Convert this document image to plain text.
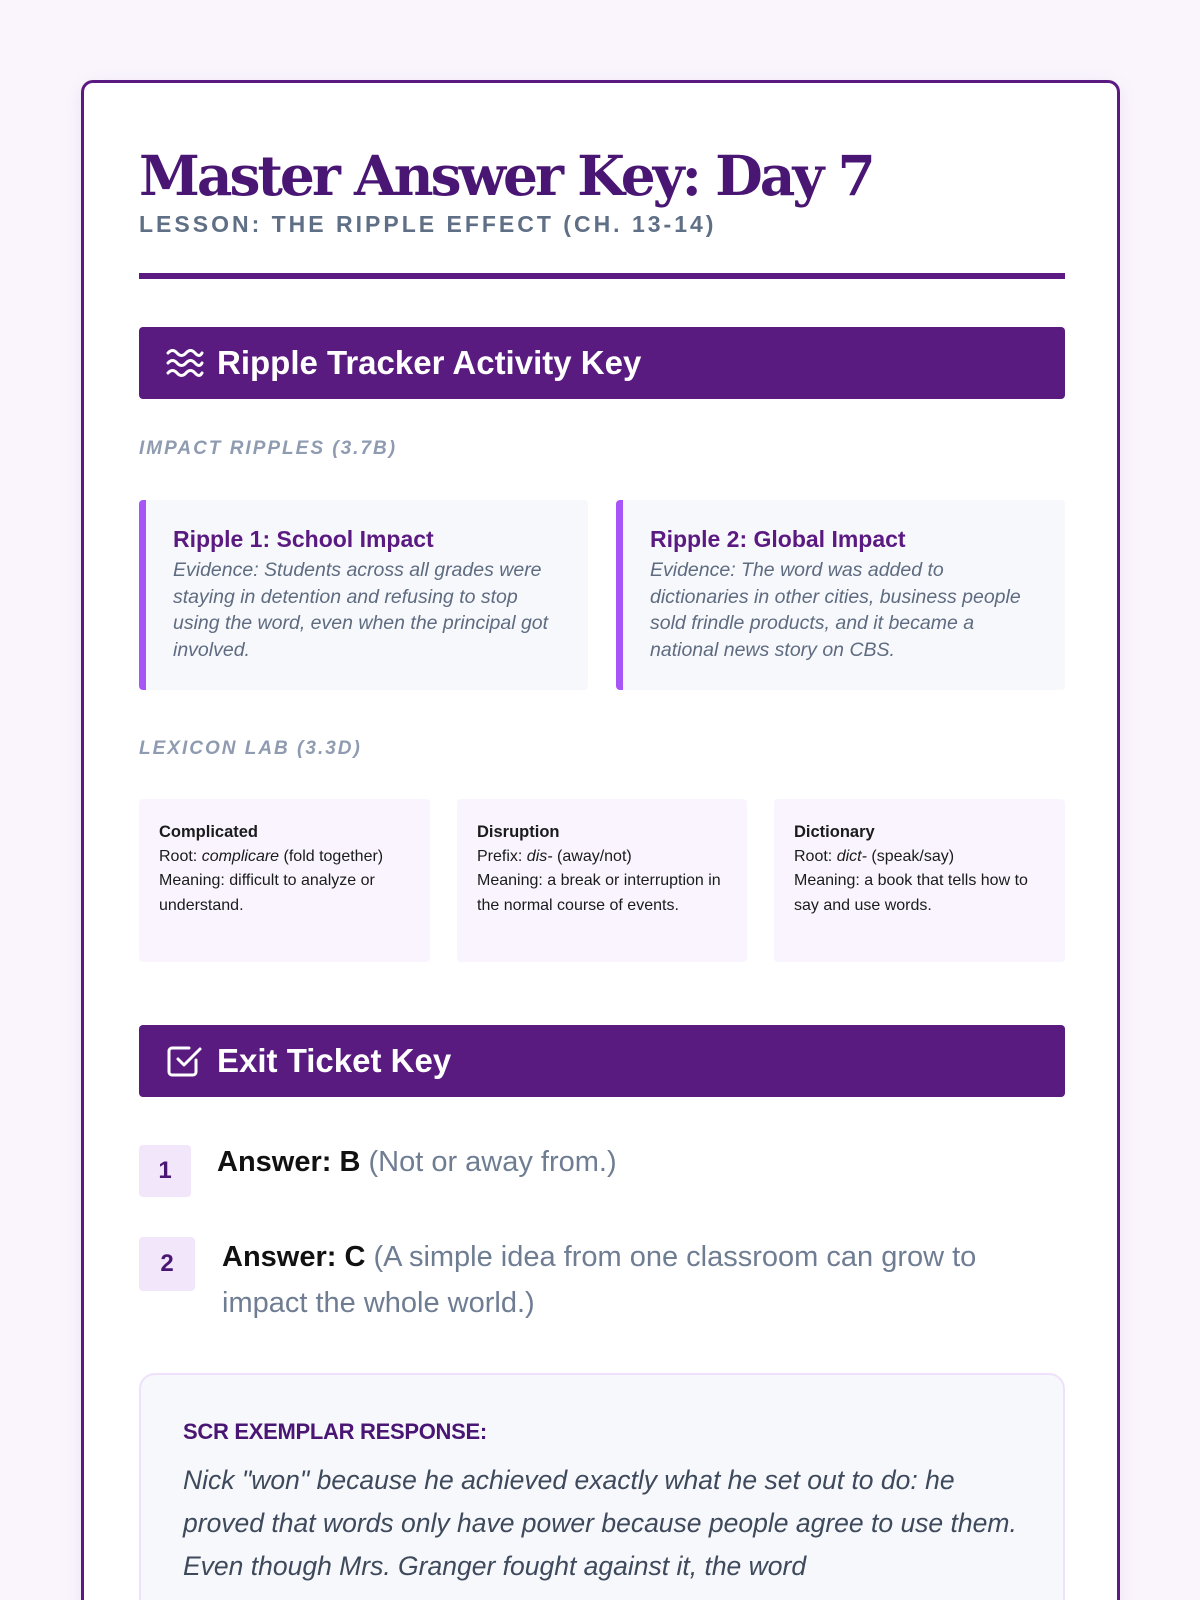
Master Answer Key: Day 7
LESSON: THE RIPPLE EFFECT (CH. 13-14)
Ripple Tracker Activity Key
IMPACT RIPPLES (3.7B)
Ripple 1: School Impact
Evidence: Students across all grades were staying in detention and refusing to stop using the word, even when the principal got involved.
Ripple 2: Global Impact
Evidence: The word was added to dictionaries in other cities, business people sold frindle products, and it became a national news story on CBS.
LEXICON LAB (3.3D)
Complicated
Root: complicare (fold together)
Meaning: difficult to analyze or understand.
Disruption
Prefix: dis- (away/not)
Meaning: a break or interruption in the normal course of events.
Dictionary
Root: dict- (speak/say)
Meaning: a book that tells how to say and use words.
Exit Ticket Key
1	Answer: B (Not or away from.)
2	Answer: C (A simple idea from one classroom can grow to impact the whole world.)
SCR EXEMPLAR RESPONSE:
Nick "won" because he achieved exactly what he set out to do: he proved that words only have power because people agree to use them. Even though Mrs. Granger fought against it, the word
